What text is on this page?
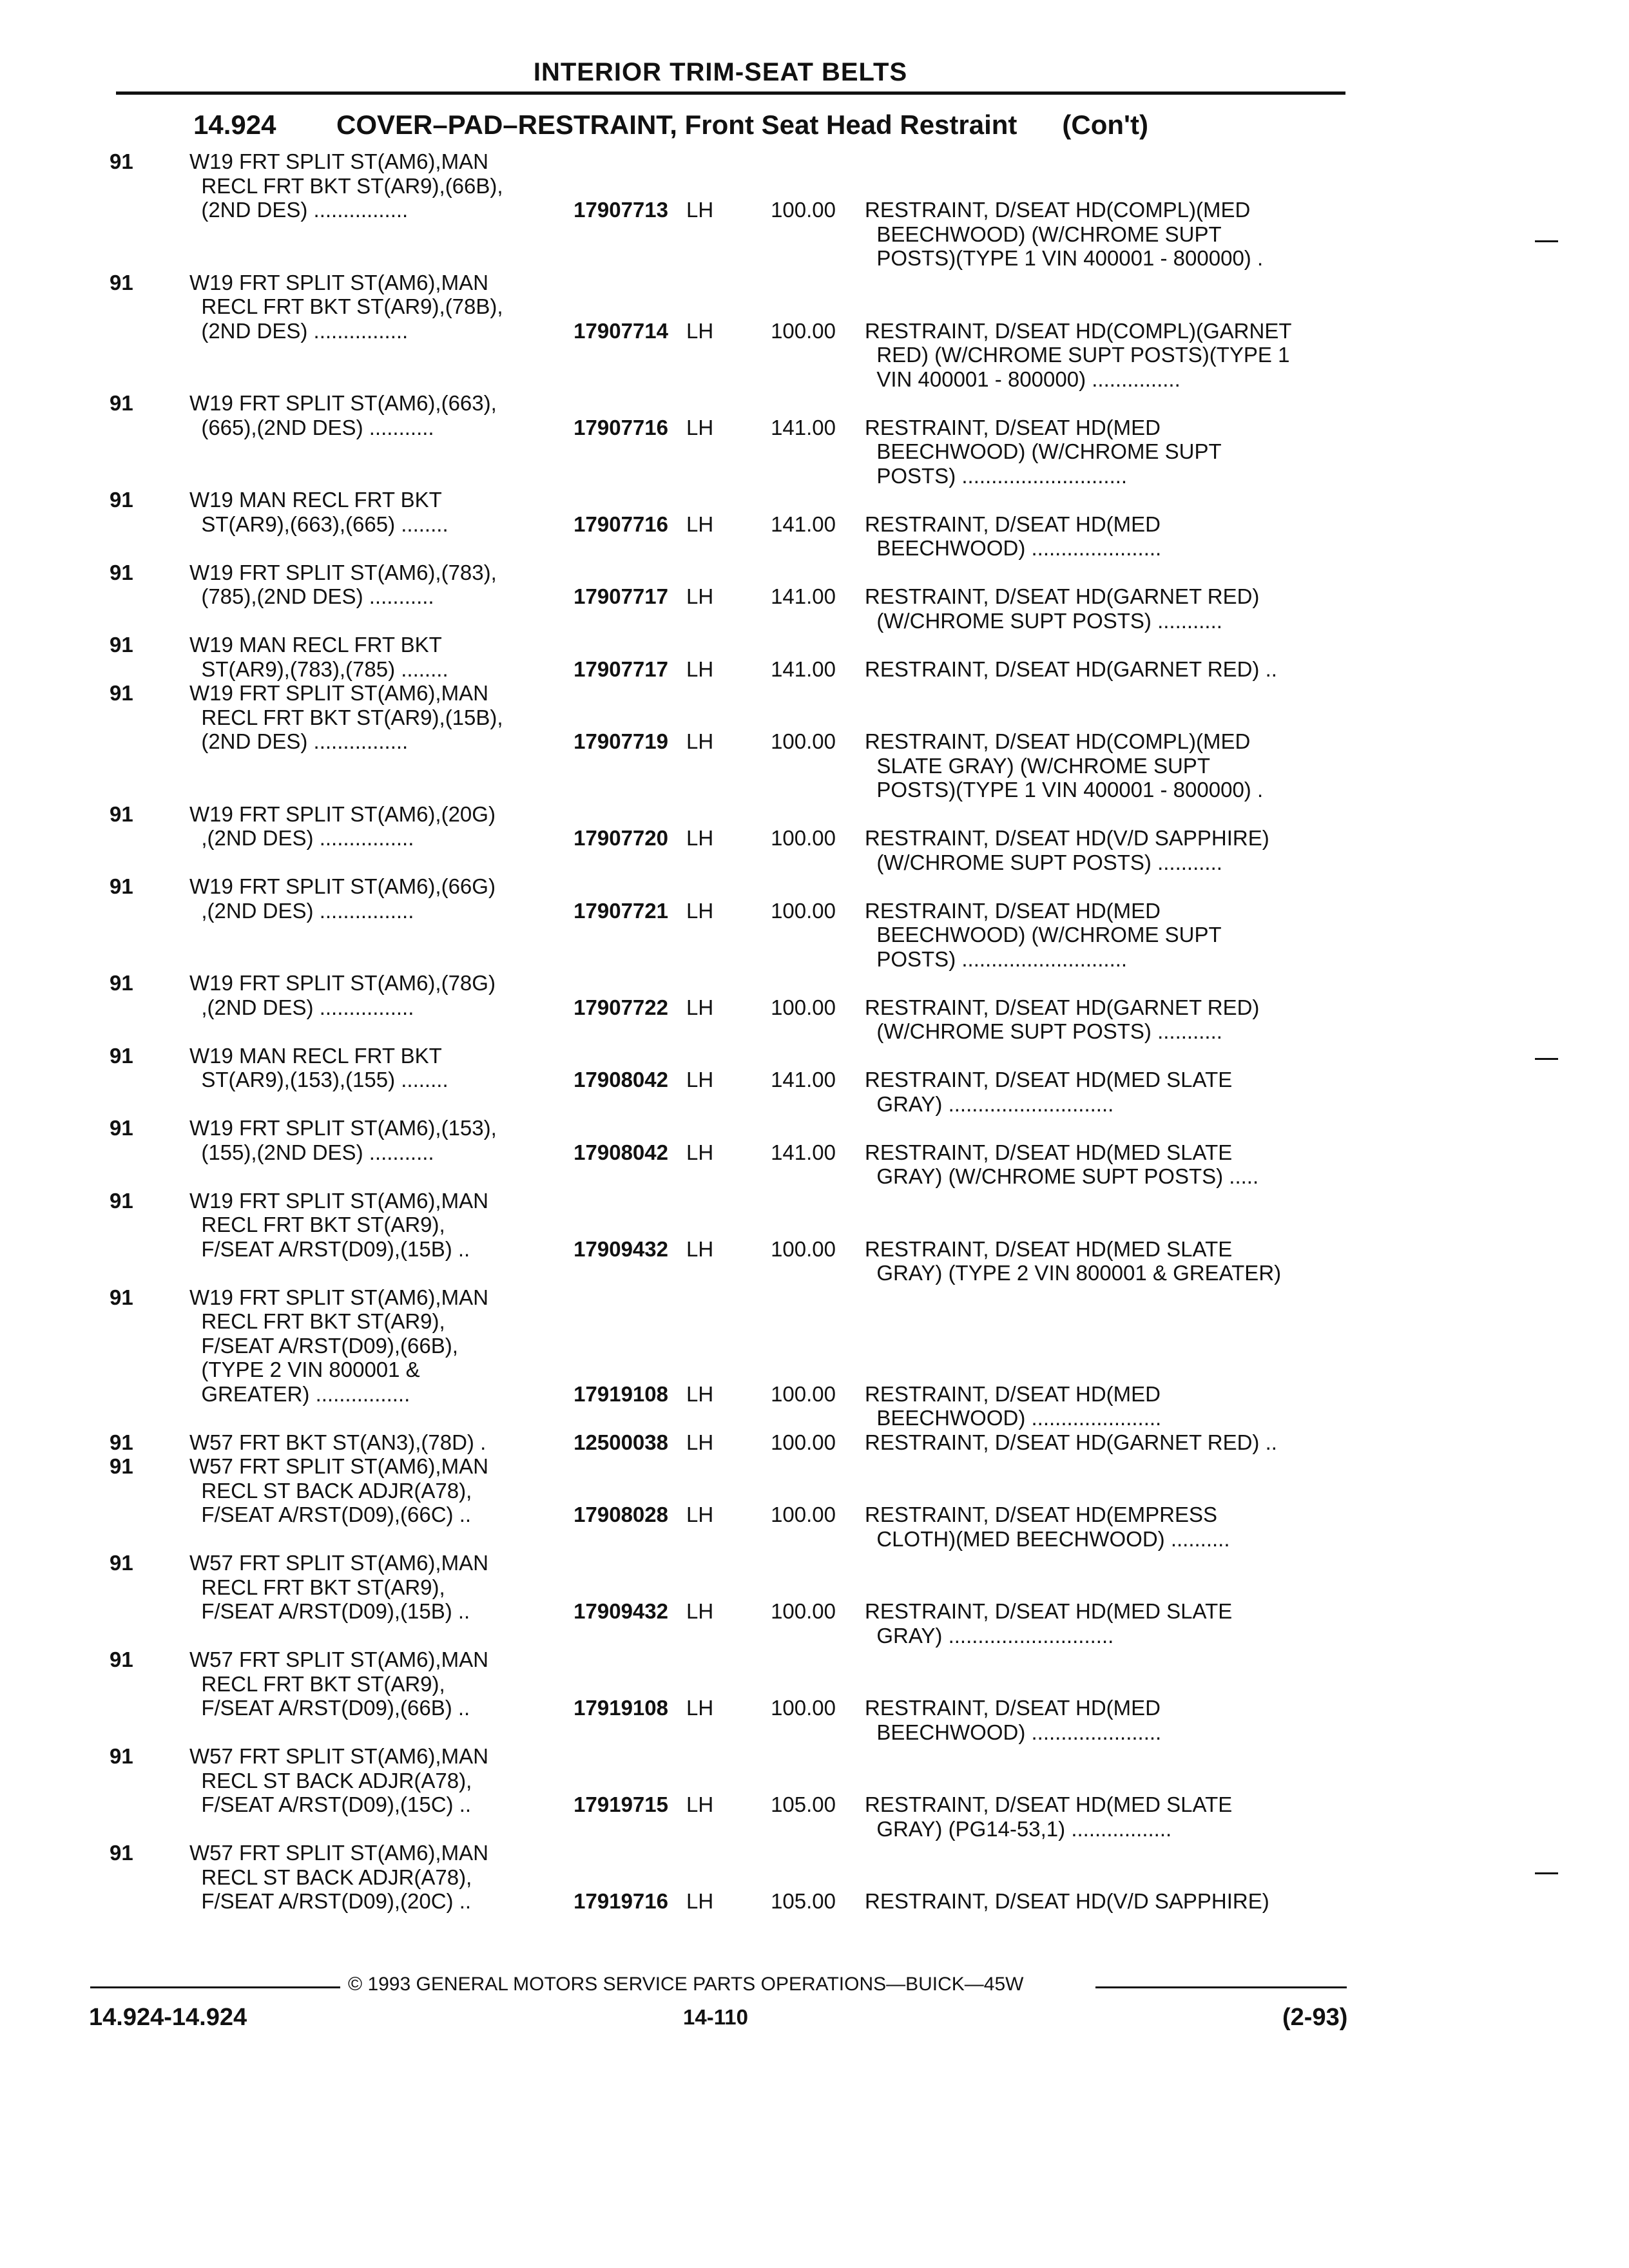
INTERIOR TRIM-SEAT BELTS
14.924 COVER–PAD–RESTRAINT, Front Seat Head Restraint (Con't)
91	W19 FRT SPLIT ST(AM6),MAN
RECL FRT BKT ST(AR9),(66B),
(2ND DES) ................	17907713 LH	100.00	RESTRAINT, D/SEAT HD(COMPL)(MED
BEECHWOOD) (W/CHROME SUPT
POSTS)(TYPE 1 VIN 400001 - 800000) .
91	W19 FRT SPLIT ST(AM6),MAN
RECL FRT BKT ST(AR9),(78B),
(2ND DES) ................	17907714 LH	100.00	RESTRAINT, D/SEAT HD(COMPL)(GARNET
RED) (W/CHROME SUPT POSTS)(TYPE 1
VIN 400001 - 800000) ...............
91	W19 FRT SPLIT ST(AM6),(663),
(665),(2ND DES) ...........	17907716 LH	141.00	RESTRAINT, D/SEAT HD(MED
BEECHWOOD) (W/CHROME SUPT
POSTS) ............................
91	W19 MAN RECL FRT BKT
ST(AR9),(663),(665) ........	17907716 LH	141.00	RESTRAINT, D/SEAT HD(MED
BEECHWOOD) ......................
91	W19 FRT SPLIT ST(AM6),(783),
(785),(2ND DES) ...........	17907717 LH	141.00	RESTRAINT, D/SEAT HD(GARNET RED)
(W/CHROME SUPT POSTS) ...........
91	W19 MAN RECL FRT BKT
ST(AR9),(783),(785) ........	17907717 LH	141.00	RESTRAINT, D/SEAT HD(GARNET RED) ..
91	W19 FRT SPLIT ST(AM6),MAN
RECL FRT BKT ST(AR9),(15B),
(2ND DES) ................	17907719 LH	100.00	RESTRAINT, D/SEAT HD(COMPL)(MED
SLATE GRAY) (W/CHROME SUPT
POSTS)(TYPE 1 VIN 400001 - 800000) .
91	W19 FRT SPLIT ST(AM6),(20G)
,(2ND DES) ................	17907720 LH	100.00	RESTRAINT, D/SEAT HD(V/D SAPPHIRE)
(W/CHROME SUPT POSTS) ...........
91	W19 FRT SPLIT ST(AM6),(66G)
,(2ND DES) ................	17907721 LH	100.00	RESTRAINT, D/SEAT HD(MED
BEECHWOOD) (W/CHROME SUPT
POSTS) ............................
91	W19 FRT SPLIT ST(AM6),(78G)
,(2ND DES) ................	17907722 LH	100.00	RESTRAINT, D/SEAT HD(GARNET RED)
(W/CHROME SUPT POSTS) ...........
91	W19 MAN RECL FRT BKT
ST(AR9),(153),(155) ........	17908042 LH	141.00	RESTRAINT, D/SEAT HD(MED SLATE
GRAY) ............................
91	W19 FRT SPLIT ST(AM6),(153),
(155),(2ND DES) ...........	17908042 LH	141.00	RESTRAINT, D/SEAT HD(MED SLATE
GRAY) (W/CHROME SUPT POSTS) .....
91	W19 FRT SPLIT ST(AM6),MAN
RECL FRT BKT ST(AR9),
F/SEAT A/RST(D09),(15B) ..	17909432 LH	100.00	RESTRAINT, D/SEAT HD(MED SLATE
GRAY) (TYPE 2 VIN 800001 & GREATER)
91	W19 FRT SPLIT ST(AM6),MAN
RECL FRT BKT ST(AR9),
F/SEAT A/RST(D09),(66B),
(TYPE 2 VIN 800001 &
GREATER) ................	17919108 LH	100.00	RESTRAINT, D/SEAT HD(MED
BEECHWOOD) ......................
91	W57 FRT BKT ST(AN3),(78D) .	12500038 LH	100.00	RESTRAINT, D/SEAT HD(GARNET RED) ..
91	W57 FRT SPLIT ST(AM6),MAN
RECL ST BACK ADJR(A78),
F/SEAT A/RST(D09),(66C) ..	17908028 LH	100.00	RESTRAINT, D/SEAT HD(EMPRESS
CLOTH)(MED BEECHWOOD) ..........
91	W57 FRT SPLIT ST(AM6),MAN
RECL FRT BKT ST(AR9),
F/SEAT A/RST(D09),(15B) ..	17909432 LH	100.00	RESTRAINT, D/SEAT HD(MED SLATE
GRAY) ............................
91	W57 FRT SPLIT ST(AM6),MAN
RECL FRT BKT ST(AR9),
F/SEAT A/RST(D09),(66B) ..	17919108 LH	100.00	RESTRAINT, D/SEAT HD(MED
BEECHWOOD) ......................
91	W57 FRT SPLIT ST(AM6),MAN
RECL ST BACK ADJR(A78),
F/SEAT A/RST(D09),(15C) ..	17919715 LH	105.00	RESTRAINT, D/SEAT HD(MED SLATE
GRAY) (PG14-53,1) .................
91	W57 FRT SPLIT ST(AM6),MAN
RECL ST BACK ADJR(A78),
F/SEAT A/RST(D09),(20C) ..	17919716 LH	105.00	RESTRAINT, D/SEAT HD(V/D SAPPHIRE)
© 1993 GENERAL MOTORS SERVICE PARTS OPERATIONS—BUICK—45W
14.924-14.924	14-110	(2-93)
